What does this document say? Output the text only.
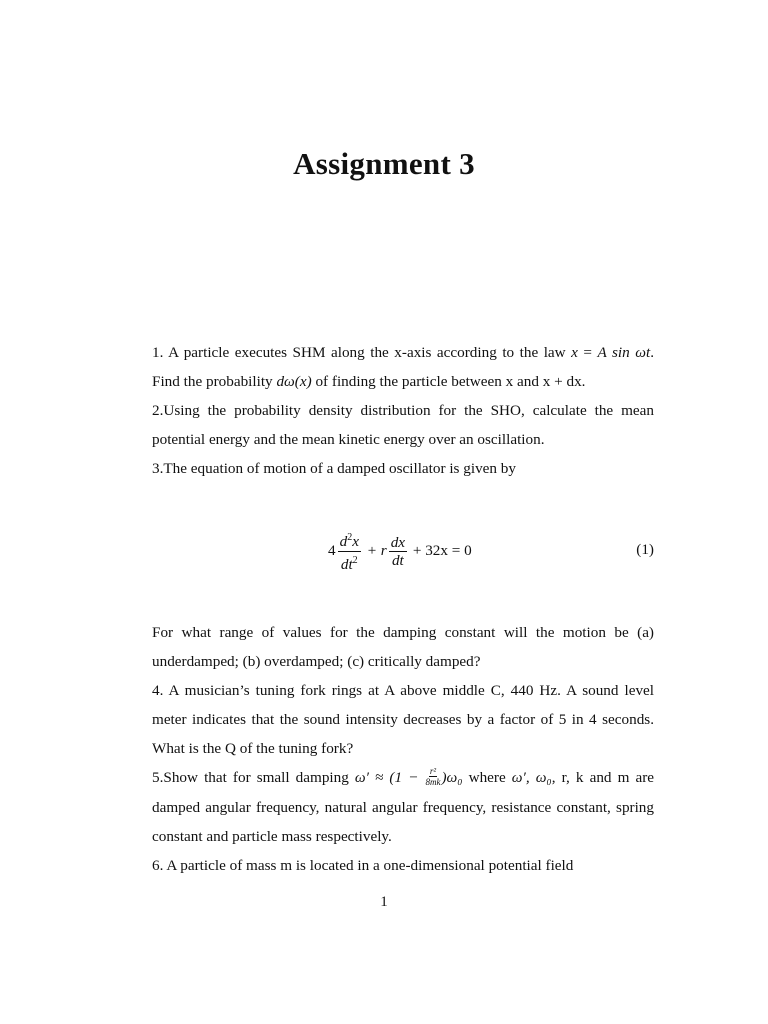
Assignment 3

1. A particle executes SHM along the x-axis according to the law x = A sin ωt. Find the probability dω(x) of finding the particle between x and x + dx.

2.Using the probability density distribution for the SHO, calculate the mean potential energy and the mean kinetic energy over an oscillation.

3.The equation of motion of a damped oscillator is given by

$4 \frac{d^2x}{dt^2} + r \frac{dx}{dt} + 32x = 0$	(1)

For what range of values for the damping constant will the motion be (a) underdamped; (b) overdamped; (c) critically damped?

4. A musician’s tuning fork rings at A above middle C, 440 Hz. A sound level meter indicates that the sound intensity decreases by a factor of 5 in 4 seconds. What is the Q of the tuning fork?

5.Show that for small damping $\omega' \approx (1 - \frac{\text{r²}}{8mk} )\omega_0$ where ω′, ω₀, r, k and m are damped angular frequency, natural angular frequency, resistance constant, spring constant and particle mass respectively.

6. A particle of mass m is located in a one-dimensional potential field

1
